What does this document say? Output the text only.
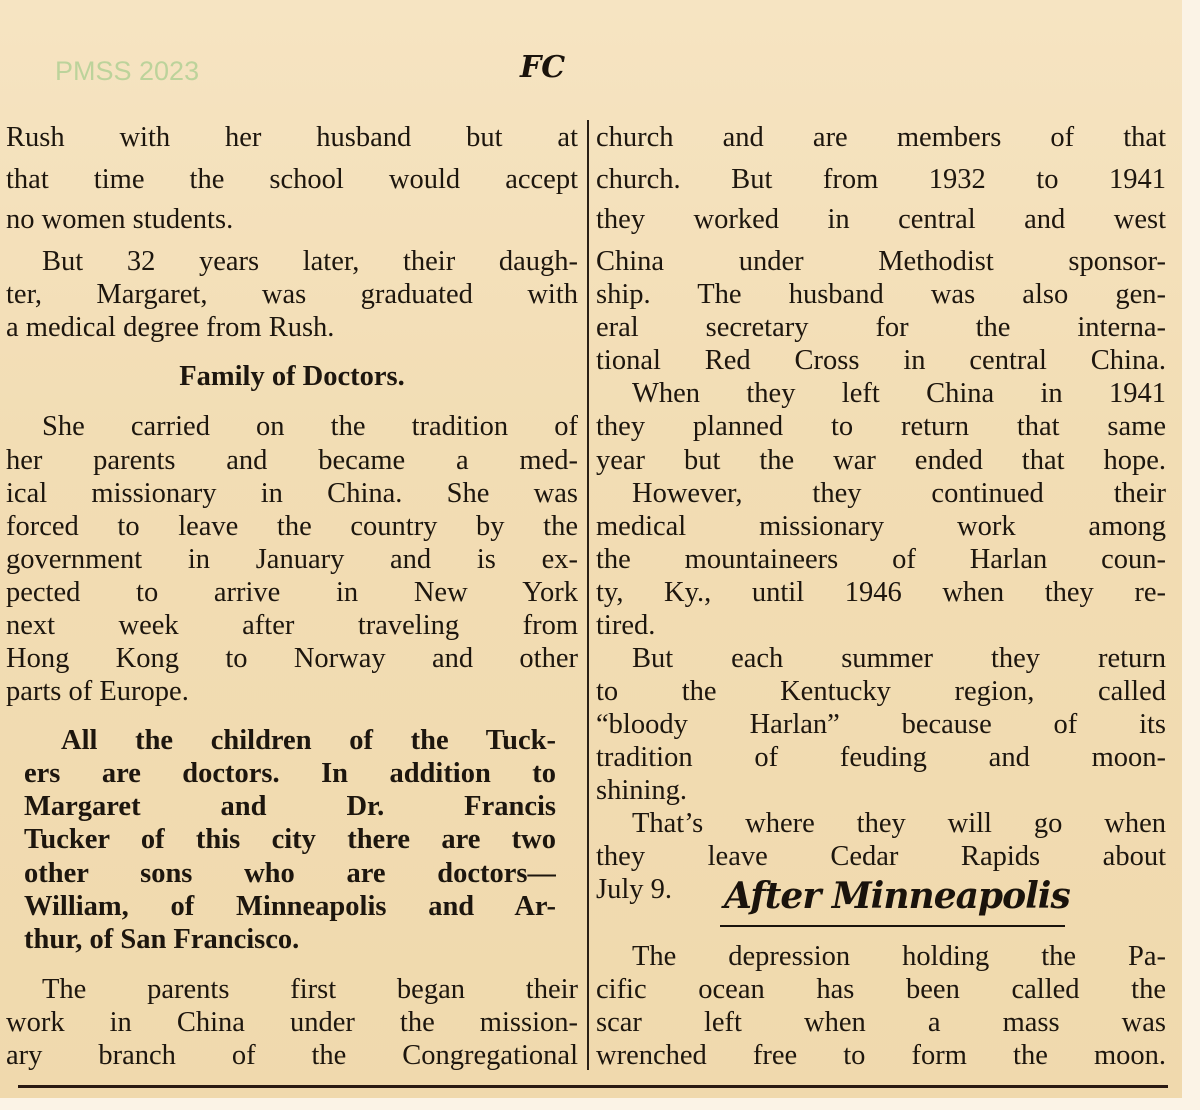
Rush with her husband but at
that time the school would accept
no women students.
But 32 years later, their daugh-
ter, Margaret, was graduated with
a medical degree from Rush.
Family of Doctors.
She carried on the tradition of
her parents and became a med-
ical missionary in China. She was
forced to leave the country by the
government in January and is ex-
pected to arrive in New York
next week after traveling from
Hong Kong to Norway and other
parts of Europe.
All the children of the Tuck-
ers are doctors. In addition to
Margaret and Dr. Francis
Tucker of this city there are two
other sons who are doctors—
William, of Minneapolis and Ar-
thur, of San Francisco.
The parents first began their
work in China under the mission-
ary branch of the Congregational
church and are members of that
church. But from 1932 to 1941
they worked in central and west
China under Methodist sponsor-
ship. The husband was also gen-
eral secretary for the interna-
tional Red Cross in central China.
When they left China in 1941
they planned to return that same
year but the war ended that hope.
However, they continued their
medical missionary work among
the mountaineers of Harlan coun-
ty, Ky., until 1946 when they re-
tired.
But each summer they return
to the Kentucky region, called
“bloody Harlan” because of its
tradition of feuding and moon-
shining.
That’s where they will go when
they leave Cedar Rapids about
July 9.
The depression holding the Pa-
cific ocean has been called the
scar left when a mass was
wrenched free to form the moon.
PMSS 2023
After Minneapolis
FC
